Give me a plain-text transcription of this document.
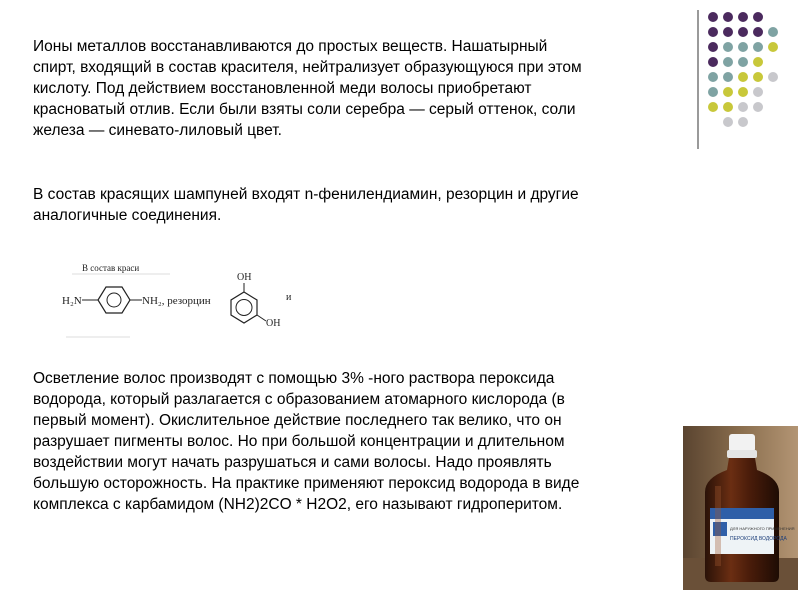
Ионы металлов восстанавливаются до простых веществ. Нашатырный
спирт, входящий в состав красителя, нейтрализует образующуюся при этом
кислоту. Под действием восстановленной меди волосы приобретают
красноватый отлив. Если были взяты соли серебра — серый оттенок, соли
железа — синевато-лиловый цвет.

В состав красящих шампуней входят n-фенилендиамин, резорцин и другие
аналогичные соединения.

В состав краси
H₂N	NH₂, резорцин
OH
OH
и

Осветление волос производят с помощью 3% -ного раствора пероксида
водорода, который разлагается с образованием атомарного кислорода (в
первый момент). Окислительное действие последнего так велико, что он
разрушает пигменты волос. Но при большой концентрации и длительном
воздействии могут начать разрушаться и сами волосы. Надо проявлять
большую осторожность. На практике применяют пероксид водорода в виде
комплекса с карбамидом (NH2)2CO * H2O2, его называют гидроперитом.

ДЛЯ НАРУЖНОГО ПРИМЕНЕНИЯ
ПЕРОКСИД ВОДОРОДА
